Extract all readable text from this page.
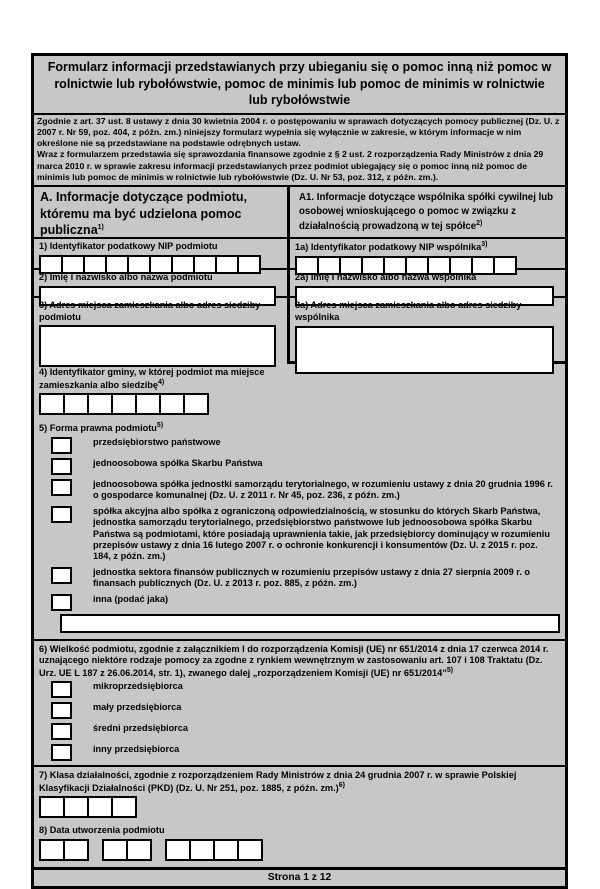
Formularz informacji przedstawianych przy ubieganiu się o pomoc inną niż pomoc w rolnictwie lub rybołówstwie, pomoc de minimis lub pomoc de minimis w rolnictwie lub rybołówstwie

Zgodnie z art. 37 ust. 8 ustawy z dnia 30 kwietnia 2004 r. o postępowaniu w sprawach dotyczących pomocy publicznej (Dz. U. z 2007 r. Nr 59, poz. 404, z późn. zm.) niniejszy formularz wypełnia się wyłącznie w zakresie, w którym informacje w nim określone nie są przedstawiane na podstawie odrębnych ustaw.

Wraz z formularzem przedstawia się sprawozdania finansowe zgodnie z § 2 ust. 2 rozporządzenia Rady Ministrów z dnia 29 marca 2010 r. w sprawie zakresu informacji przedstawianych przez podmiot ubiegający się o pomoc inną niż pomoc de minimis lub pomoc de minimis w rolnictwie lub rybołówstwie (Dz. U. Nr 53, poz. 312, z późn. zm.).

A. Informacje dotyczące podmiotu, któremu ma być udzielona pomoc publiczna$^{1)}$
A1. Informacje dotyczące wspólnika spółki cywilnej lub osobowej wnioskującego o pomoc w związku z działalnością prowadzoną w tej spółce$^{2)}$
1) Identyfikator podatkowy NIP podmiotu	1a) Identyfikator podatkowy NIP wspólnika$^{3)}$
2) Imię i nazwisko albo nazwa podmiotu	2a) Imię i nazwisko albo nazwa wspólnika
3) Adres miejsca zamieszkania albo adres siedziby podmiotu
3a) Adres miejsca zamieszkania albo adres siedziby wspólnika
4) Identyfikator gminy, w której podmiot ma miejsce zamieszkania albo siedzibę$^{4)}$
5) Forma prawna podmiotu$^{5)}$
przedsiębiorstwo państwowe
jednoosobowa spółka Skarbu Państwa
jednoosobowa spółka jednostki samorządu terytorialnego, w rozumieniu ustawy z dnia 20 grudnia 1996 r. o gospodarce komunalnej (Dz. U. z 2011 r. Nr 45, poz. 236, z późn. zm.)
spółka akcyjna albo spółka z ograniczoną odpowiedzialnością, w stosunku do których Skarb Państwa, jednostka samorządu terytorialnego, przedsiębiorstwo państwowe lub jednoosobowa spółka Skarbu Państwa są podmiotami, które posiadają uprawnienia takie, jak przedsiębiorcy dominujący w rozumieniu przepisów ustawy z dnia 16 lutego 2007 r. o ochronie konkurencji i konsumentów (Dz. U. z 2015 r. poz. 184, z późn. zm.)
jednostka sektora finansów publicznych w rozumieniu przepisów ustawy z dnia 27 sierpnia 2009 r. o finansach publicznych (Dz. U. z 2013 r. poz. 885, z późn. zm.)
inna (podać jaka)
6) Wielkość podmiotu, zgodnie z załącznikiem I do rozporządzenia Komisji (UE) nr 651/2014 z dnia 17 czerwca 2014 r. uznającego niektóre rodzaje pomocy za zgodne z rynkiem wewnętrznym w zastosowaniu art. 107 i 108 Traktatu (Dz. Urz. UE L 187 z 26.06.2014, str. 1), zwanego dalej „rozporządzeniem Komisji (UE) nr 651/2014”$^{5)}$
mikroprzedsiębiorca
mały przedsiębiorca
średni przedsiębiorca
inny przedsiębiorca
7) Klasa działalności, zgodnie z rozporządzeniem Rady Ministrów z dnia 24 grudnia 2007 r. w sprawie Polskiej Klasyfikacji Działalności (PKD) (Dz. U. Nr 251, poz. 1885, z późn. zm.)$^{6)}$
8) Data utworzenia podmiotu
Strona 1 z 12
